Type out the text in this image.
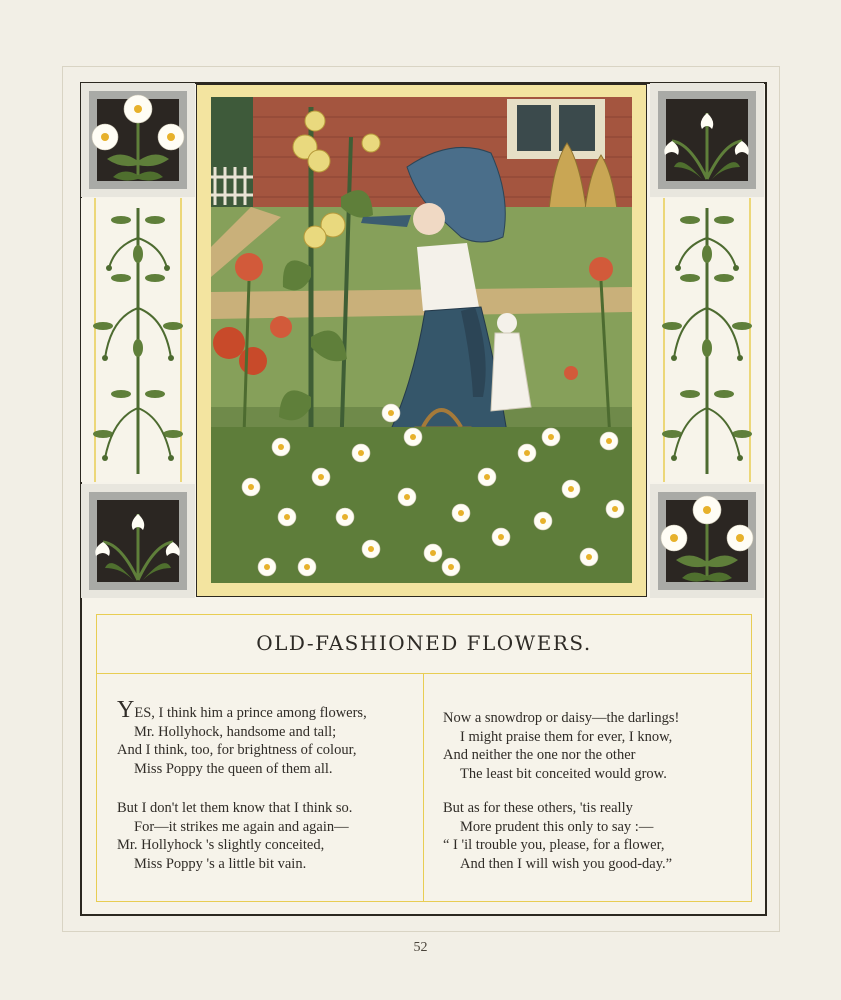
OLD-FASHIONED FLOWERS.
YES, I think him a prince among flowers,
Mr. Hollyhock, handsome and tall;
And I think, too, for brightness of colour,
Miss Poppy the queen of them all.
But I don't let them know that I think so.
For—it strikes me again and again—
Mr. Hollyhock 's slightly conceited,
Miss Poppy 's a little bit vain.
Now a snowdrop or daisy—the darlings!
I might praise them for ever, I know,
And neither the one nor the other
The least bit conceited would grow.
But as for these others, 'tis really
More prudent this only to say :—
“ I 'il trouble you, please, for a flower,
And then I will wish you good-day.”
52
